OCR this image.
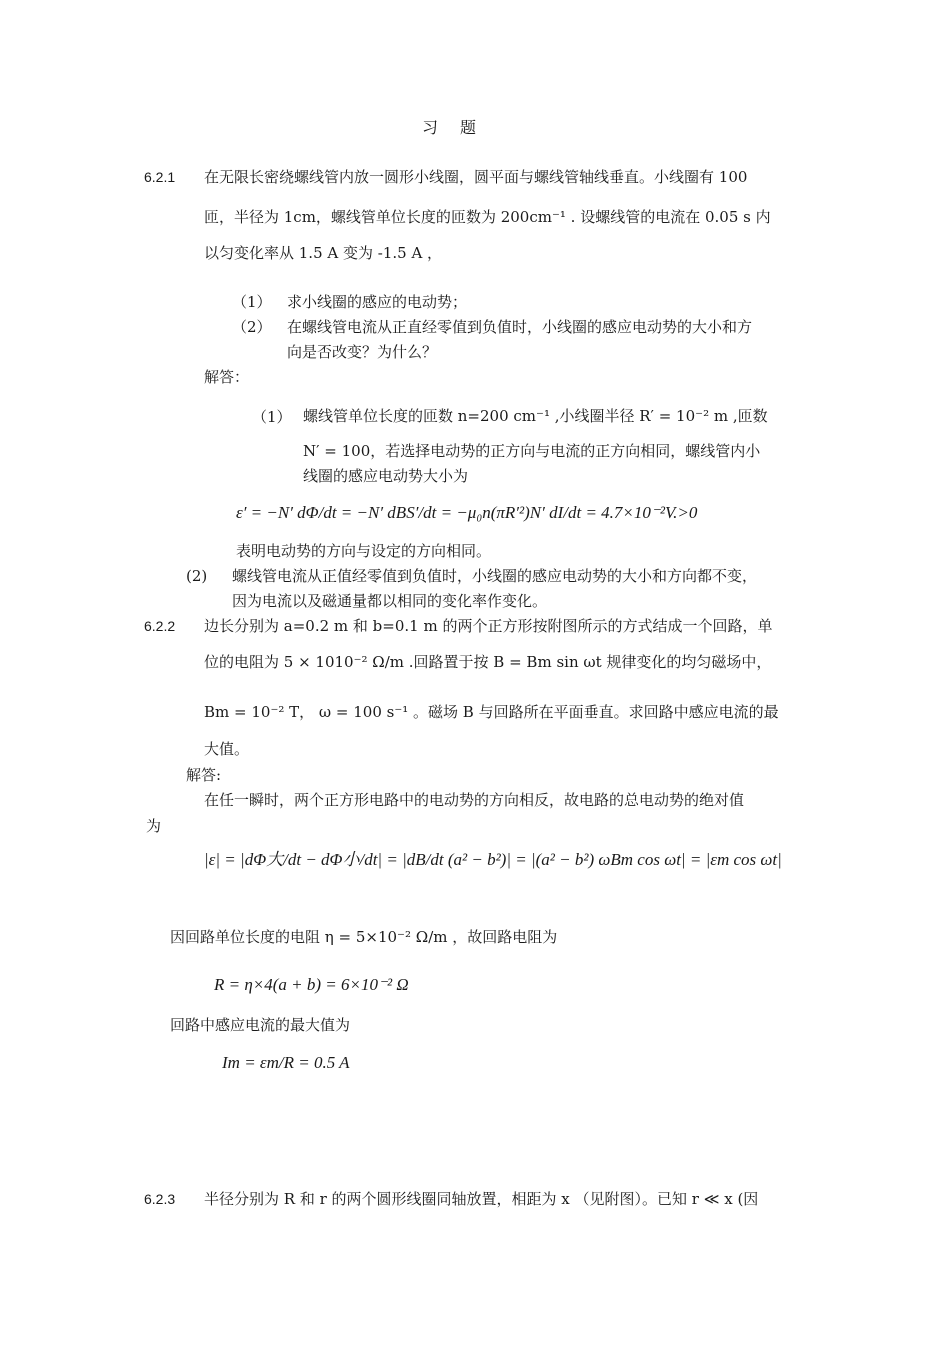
习题
6.2.1 在无限长密绕螺线管内放一圆形小线圈，圆平面与螺线管轴线垂直。小线圈有 100
匝，半径为 1cm，螺线管单位长度的匝数为 200cm⁻¹ . 设螺线管的电流在 0.05 s 内
以匀变化率从 1.5 A 变为 -1.5 A ，
（1） 求小线圈的感应的电动势；
（2） 在螺线管电流从正直经零值到负值时，小线圈的感应电动势的大小和方
向是否改变？为什么？
解答：
（1） 螺线管单位长度的匝数 n=200 cm⁻¹ ,小线圈半径 R′ = 10⁻² m ,匝数
N′ = 100，若选择电动势的正方向与电流的正方向相同，螺线管内小
线圈的感应电动势大小为
ε′ = −N′ dΦ/dt = −N′ dBS′/dt = −μ₀n(πR′²)N′ dI/dt = 4.7×10⁻²V.>0
表明电动势的方向与设定的方向相同。
(2) 螺线管电流从正值经零值到负值时，小线圈的感应电动势的大小和方向都不变，
因为电流以及磁通量都以相同的变化率作变化。
6.2.2 边长分别为 a=0.2 m 和 b=0.1 m 的两个正方形按附图所示的方式结成一个回路，单
位的电阻为 5 × 1010⁻² Ω/m .回路置于按 B = Bm sin ωt 规律变化的均匀磁场中，
Bm = 10⁻² T， ω = 100 s⁻¹ 。磁场 B 与回路所在平面垂直。求回路中感应电流的最
大值。
解答:
在任一瞬时，两个正方形电路中的电动势的方向相反，故电路的总电动势的绝对值
为
|ε| = |dΦ大/dt − dΦ小/dt| = |dB/dt (a² − b²)| = |(a² − b²) ωBm cos ωt| = |εm cos ωt|
因回路单位长度的电阻 η = 5×10⁻² Ω/m ，故回路电阻为
R = η×4(a + b) = 6×10⁻² Ω
回路中感应电流的最大值为
Im = εm/R = 0.5 A
6.2.3 半径分别为 R 和 r 的两个圆形线圈同轴放置，相距为 x （见附图）。已知 r ≪ x (因
